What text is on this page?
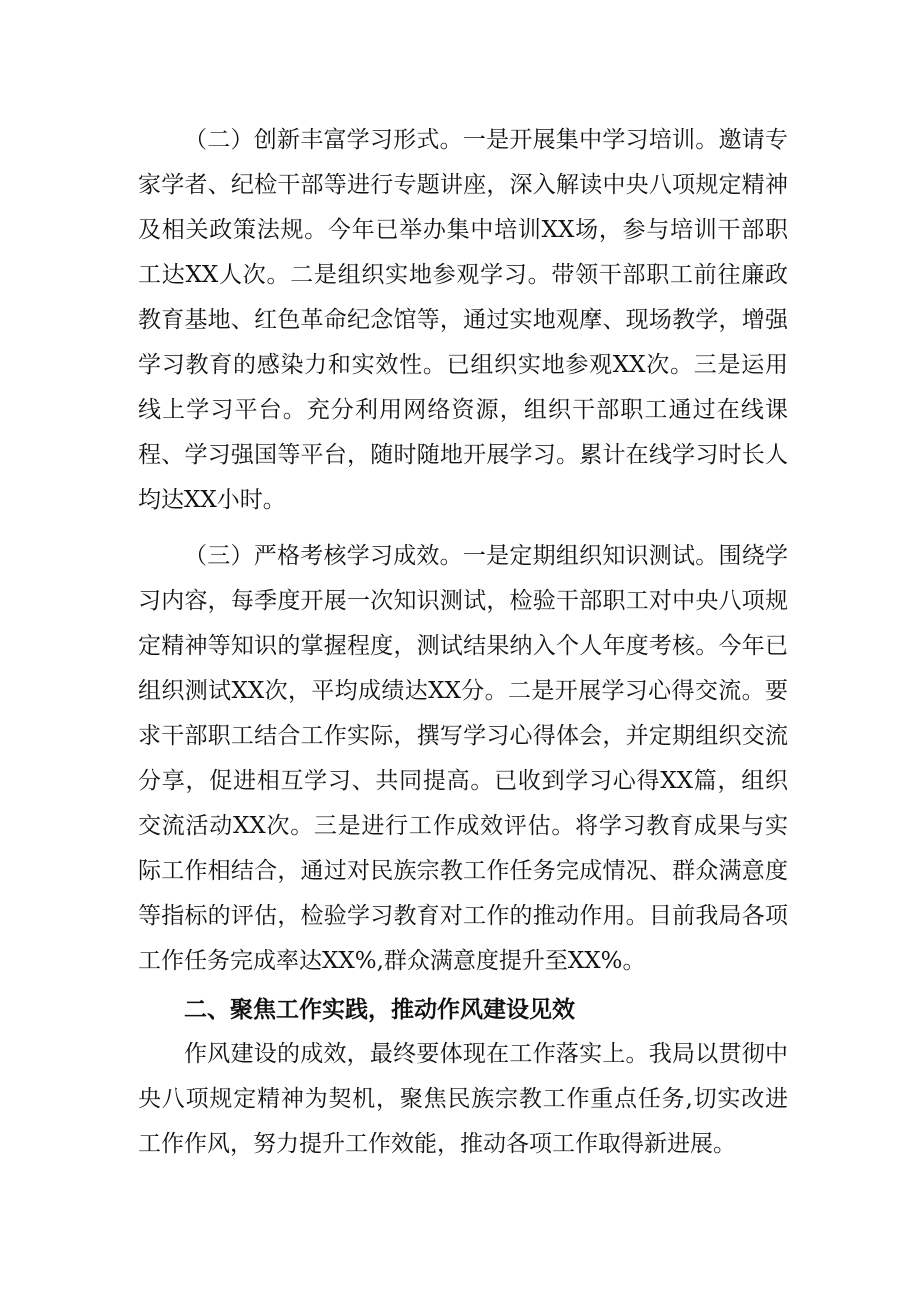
（二）创新丰富学习形式。一是开展集中学习培训。邀请专家学者、纪检干部等进行专题讲座，深入解读中央八项规定精神及相关政策法规。今年已举办集中培训XX场，参与培训干部职工达XX人次。二是组织实地参观学习。带领干部职工前往廉政教育基地、红色革命纪念馆等，通过实地观摩、现场教学，增强学习教育的感染力和实效性。已组织实地参观XX次。三是运用线上学习平台。充分利用网络资源，组织干部职工通过在线课程、学习强国等平台，随时随地开展学习。累计在线学习时长人均达XX小时。

（三）严格考核学习成效。一是定期组织知识测试。围绕学习内容，每季度开展一次知识测试，检验干部职工对中央八项规定精神等知识的掌握程度，测试结果纳入个人年度考核。今年已组织测试XX次，平均成绩达XX分。二是开展学习心得交流。要求干部职工结合工作实际，撰写学习心得体会，并定期组织交流分享，促进相互学习、共同提高。已收到学习心得XX篇，组织交流活动XX次。三是进行工作成效评估。将学习教育成果与实际工作相结合，通过对民族宗教工作任务完成情况、群众满意度等指标的评估，检验学习教育对工作的推动作用。目前我局各项工作任务完成率达XX%,群众满意度提升至XX%。

二、聚焦工作实践，推动作风建设见效

作风建设的成效，最终要体现在工作落实上。我局以贯彻中央八项规定精神为契机，聚焦民族宗教工作重点任务,切实改进工作作风，努力提升工作效能，推动各项工作取得新进展。
